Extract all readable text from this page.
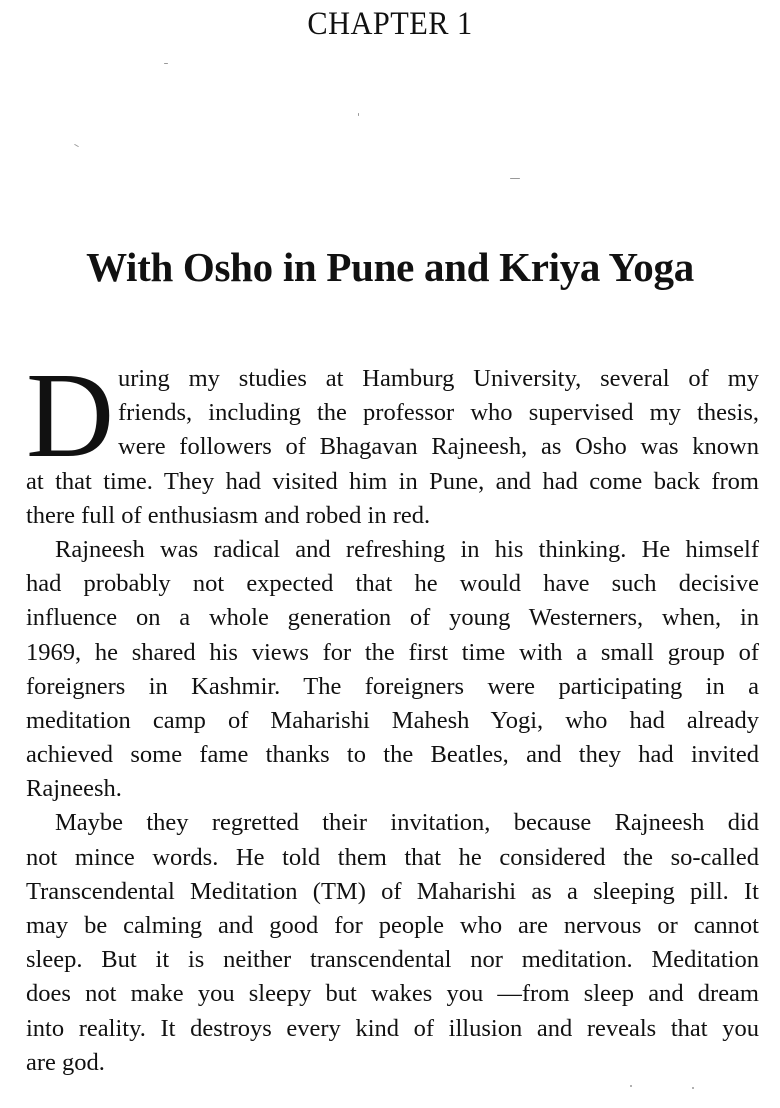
CHAPTER 1
With Osho in Pune and Kriya Yoga
D uring my studies at Hamburg University, several of my
friends, including the professor who supervised my thesis,
were followers of Bhagavan Rajneesh, as Osho was known
at that time. They had visited him in Pune, and had come back from
there full of enthusiasm and robed in red.
Rajneesh was radical and refreshing in his thinking. He himself
had probably not expected that he would have such decisive
influence on a whole generation of young Westerners, when, in
1969, he shared his views for the first time with a small group of
foreigners in Kashmir. The foreigners were participating in a
meditation camp of Maharishi Mahesh Yogi, who had already
achieved some fame thanks to the Beatles, and they had invited
Rajneesh.
Maybe they regretted their invitation, because Rajneesh did
not mince words. He told them that he considered the so-called
Transcendental Meditation (TM) of Maharishi as a sleeping pill. It
may be calming and good for people who are nervous or cannot
sleep. But it is neither transcendental nor meditation. Meditation
does not make you sleepy but wakes you —from sleep and dream
into reality. It destroys every kind of illusion and reveals that you
are god.
